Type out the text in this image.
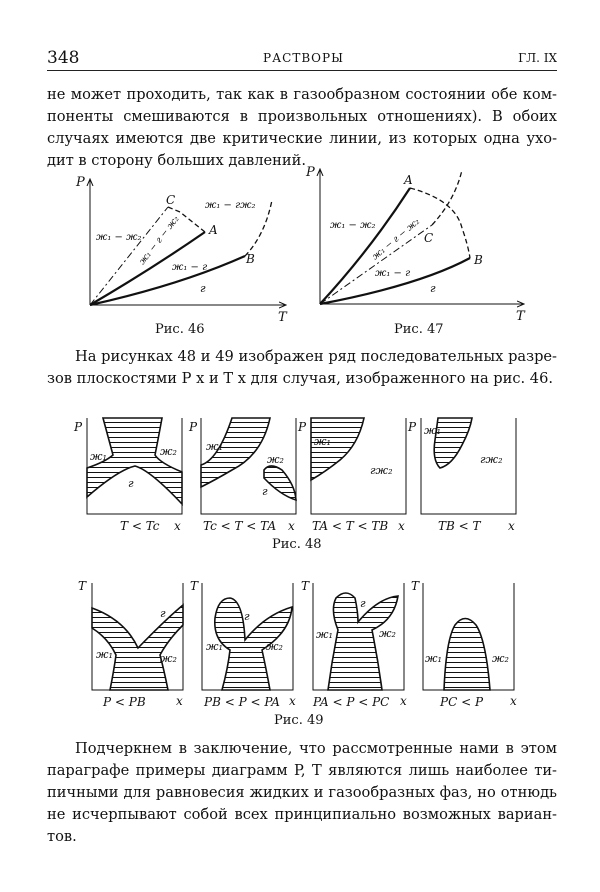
348	РАСТВОРЫ	ГЛ. IX
не может проходить, так как в газообразном состоянии обе ком-
поненты смешиваются в произвольных отношениях). В обоих
случаях имеются две критические линии, из которых одна ухо-
дит в сторону больших давлений.
P
T
C
A
B
ж₁ − гж₂
ж₁ − ж₂
ж₁ − г − ж₂
ж₁ − г
г
P
T
A
C
B
ж₁ − ж₂
ж₁ − г − ж₂
ж₁ − г
г
P
ж₁	ж₂
г
T < Tc x
P
ж₁
ж₂
г
Tc < T < TA x
P
ж₁
гж₂
TA < T < TB x
P ж₁
гж₂
TB < T x
Рис. 48
T
ж₁	ж₂
г
P < PB	x
T
ж₁	ж₂
г
PB < P < PA x
T
ж₁	ж₂
г
PA < P < PC x
T
ж₁	ж₂
PC < P x
Рис. 49
Рис. 46	Рис. 47
На рисунках 48 и 49 изображен ряд последовательных разре-
зов плоскостями P x и T x для случая, изображенного на рис. 46.
Подчеркнем в заключение, что рассмотренные нами в этом
параграфе примеры диаграмм P, T являются лишь наиболее ти-
пичными для равновесия жидких и газообразных фаз, но отнюдь
не исчерпывают собой всех принципиально возможных вариан-
тов.
